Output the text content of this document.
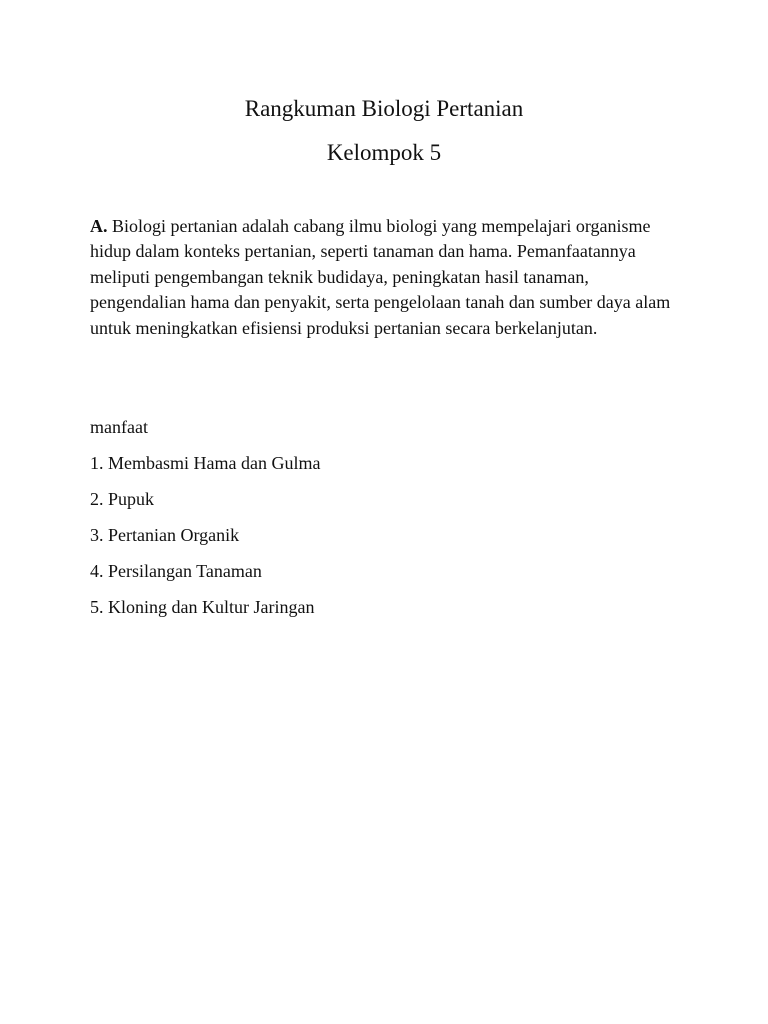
Rangkuman Biologi Pertanian
Kelompok 5

A. Biologi pertanian adalah cabang ilmu biologi yang mempelajari organisme hidup dalam konteks pertanian, seperti tanaman dan hama. Pemanfaatannya meliputi pengembangan teknik budidaya, peningkatan hasil tanaman, pengendalian hama dan penyakit, serta pengelolaan tanah dan sumber daya alam untuk meningkatkan efisiensi produksi pertanian secara berkelanjutan.

manfaat

1. Membasmi Hama dan Gulma
2. Pupuk
3. Pertanian Organik
4. Persilangan Tanaman
5. Kloning dan Kultur Jaringan
